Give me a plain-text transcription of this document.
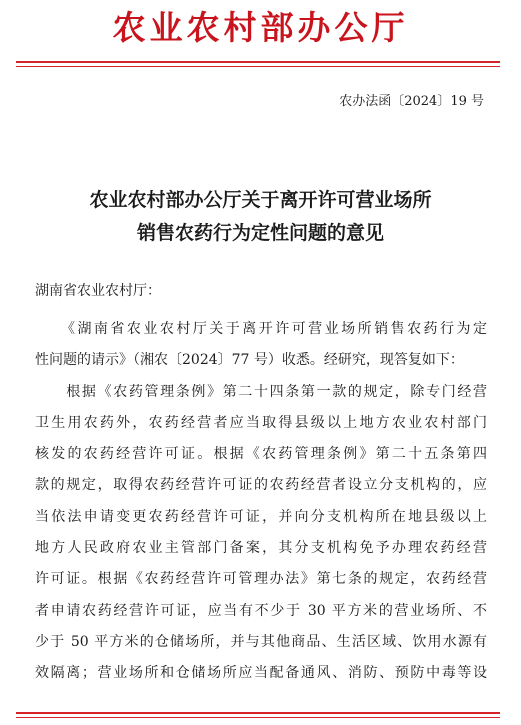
农业农村部办公厅
农办法函〔2024〕19 号
农业农村部办公厅关于离开许可营业场所
销售农药行为定性问题的意见
湖南省农业农村厅：
　　《湖南省农业农村厅关于离开许可营业场所销售农药行为定
性问题的请示》（湘农〔2024〕77 号）收悉。经研究，现答复如下：
　　根据《农药管理条例》第二十四条第一款的规定，除专门经营
卫生用农药外，农药经营者应当取得县级以上地方农业农村部门
核发的农药经营许可证。根据《农药管理条例》第二十五条第四
款的规定，取得农药经营许可证的农药经营者设立分支机构的，应
当依法申请变更农药经营许可证，并向分支机构所在地县级以上
地方人民政府农业主管部门备案，其分支机构免予办理农药经营
许可证。根据《农药经营许可管理办法》第七条的规定，农药经营
者申请农药经营许可证，应当有不少于 30 平方米的营业场所、不
少于 50 平方米的仓储场所，并与其他商品、生活区域、饮用水源有
效隔离；营业场所和仓储场所应当配备通风、消防、预防中毒等设
